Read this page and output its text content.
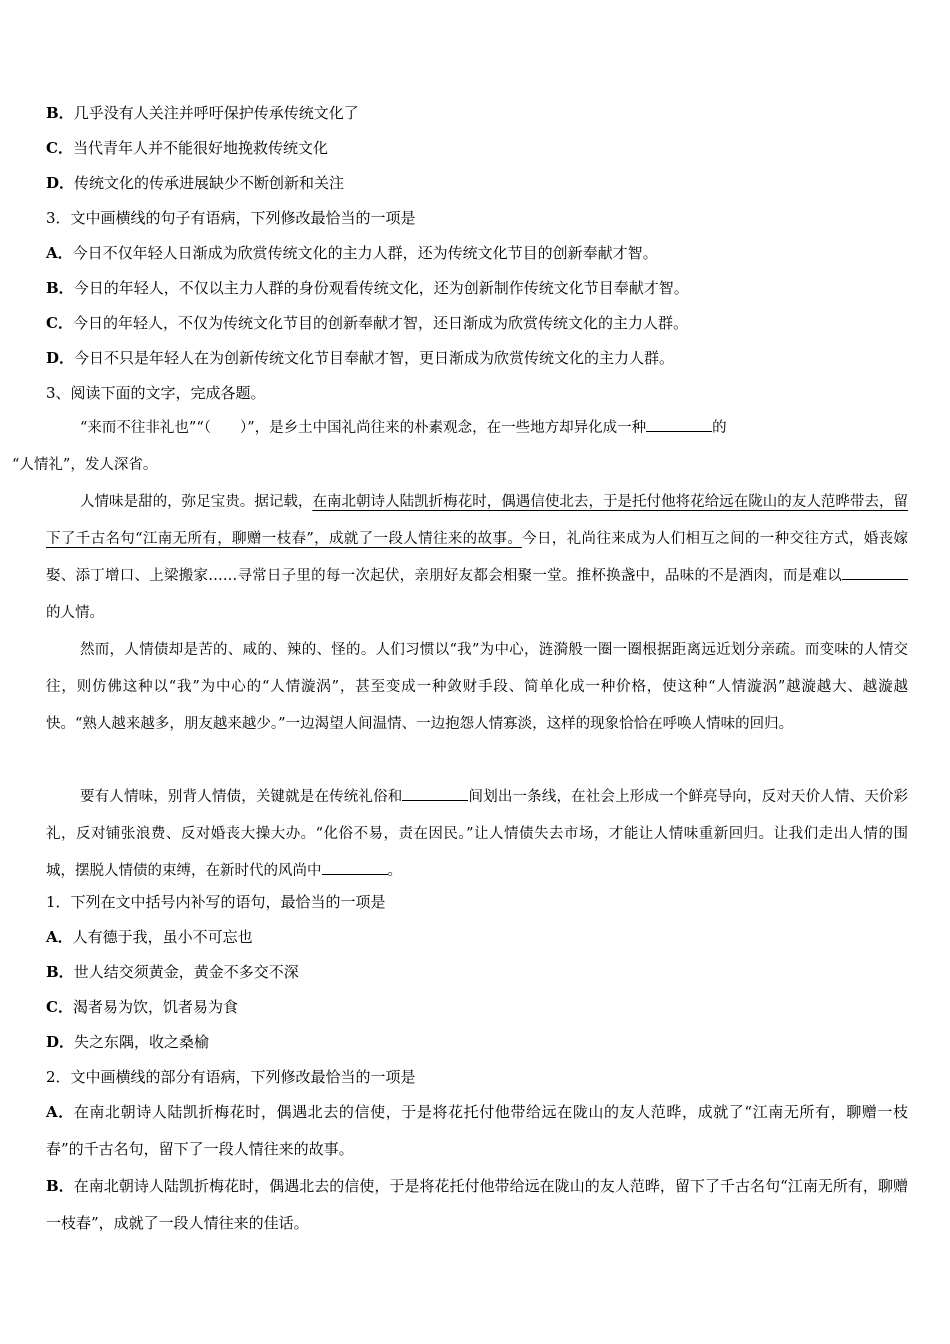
B．几乎没有人关注并呼吁保护传承传统文化了
C．当代青年人并不能很好地挽救传统文化
D．传统文化的传承进展缺少不断创新和关注
3．文中画横线的句子有语病，下列修改最恰当的一项是
A．今日不仅年轻人日渐成为欣赏传统文化的主力人群，还为传统文化节目的创新奉献才智。
B．今日的年轻人，不仅以主力人群的身份观看传统文化，还为创新制作传统文化节目奉献才智。
C．今日的年轻人，不仅为传统文化节目的创新奉献才智，还日渐成为欣赏传统文化的主力人群。
D．今日不只是年轻人在为创新传统文化节目奉献才智，更日渐成为欣赏传统文化的主力人群。
3、阅读下面的文字，完成各题。
“来而不往非礼也”“（　　）”，是乡土中国礼尚往来的朴素观念，在一些地方却异化成一种	的
“人情礼”，发人深省。
人情味是甜的，弥足宝贵。据记载，在南北朝诗人陆凯折梅花时，偶遇信使北去，于是托付他将花给远在陇山的友人范晔带去，留下了千古名句“江南无所有，聊赠一枝春”，成就了一段人情往来的故事。今日，礼尚往来成为人们相互之间的一种交往方式，婚丧嫁娶、添丁增口、上梁搬家……寻常日子里的每一次起伏，亲朋好友都会相聚一堂。推杯换盏中，品味的不是酒肉，而是难以的人情。
然而，人情债却是苦的、咸的、辣的、怪的。人们习惯以“我”为中心，涟漪般一圈一圈根据距离远近划分亲疏。而变味的人情交往，则仿佛这种以“我”为中心的“人情漩涡”，甚至变成一种敛财手段、简单化成一种价格，使这种“人情漩涡”越漩越大、越漩越快。“熟人越来越多，朋友越来越少。”一边渴望人间温情、一边抱怨人情寡淡，这样的现象恰恰在呼唤人情味的回归。
要有人情味，别背人情债，关键就是在传统礼俗和	间划出一条线，在社会上形成一个鲜亮导向，反对天价人情、天价彩礼，反对铺张浪费、反对婚丧大操大办。“化俗不易，责在因民。”让人情债失去市场，才能让人情味重新回归。让我们走出人情的围城，摆脱人情债的束缚，在新时代的风尚中	。
1．下列在文中括号内补写的语句，最恰当的一项是
A．人有德于我，虽小不可忘也
B．世人结交须黄金，黄金不多交不深
C．渴者易为饮，饥者易为食
D．失之东隅，收之桑榆
2．文中画横线的部分有语病，下列修改最恰当的一项是
A．在南北朝诗人陆凯折梅花时，偶遇北去的信使，于是将花托付他带给远在陇山的友人范晔，成就了“江南无所有，聊赠一枝春”的千古名句，留下了一段人情往来的故事。
B．在南北朝诗人陆凯折梅花时，偶遇北去的信使，于是将花托付他带给远在陇山的友人范晔，留下了千古名句“江南无所有，聊赠一枝春”，成就了一段人情往来的佳话。
